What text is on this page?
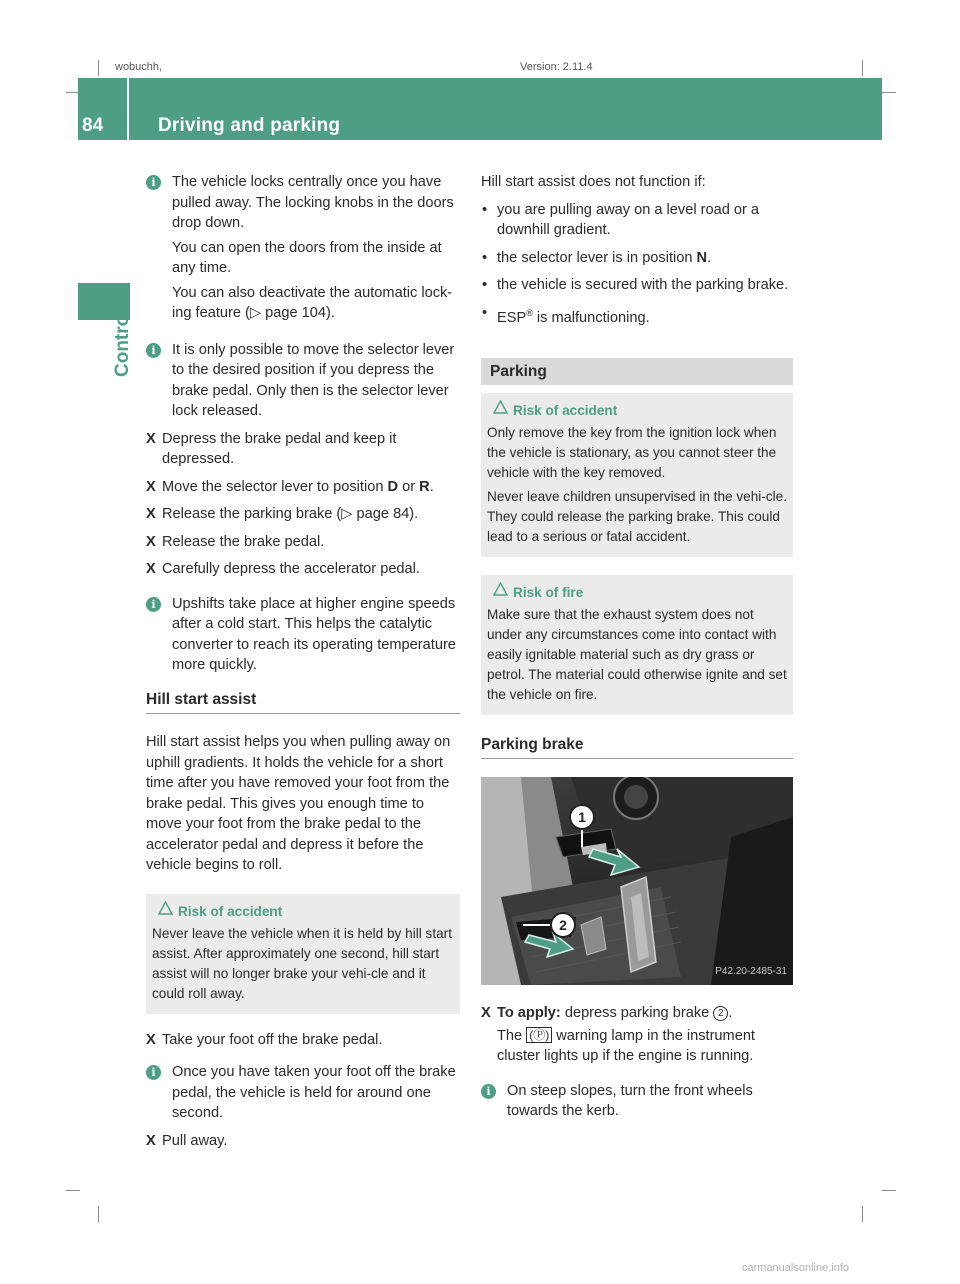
wobuchh,	Version: 2.11.4
84	Driving and parking
Controls
i	The vehicle locks centrally once you have pulled away. The locking knobs in the doors drop down.

You can open the doors from the inside at any time.

You can also deactivate the automatic lock-ing feature (▷ page 104).

i	It is only possible to move the selector lever to the desired position if you depress the brake pedal. Only then is the selector lever lock released.

X Depress the brake pedal and keep it depressed.
X Move the selector lever to position D or R.
X Release the parking brake (▷ page 84).
X Release the brake pedal.
X Carefully depress the accelerator pedal.
i	Upshifts take place at higher engine speeds after a cold start. This helps the catalytic converter to reach its operating temperature more quickly.

Hill start assist

Hill start assist helps you when pulling away on uphill gradients. It holds the vehicle for a short time after you have removed your foot from the brake pedal. This gives you enough time to move your foot from the brake pedal to the accelerator pedal and depress it before the vehicle begins to roll.

Risk of accident

Never leave the vehicle when it is held by hill start assist. After approximately one second, hill start assist will no longer brake your vehi-cle and it could roll away.

X Take your foot off the brake pedal.
i	Once you have taken your foot off the brake pedal, the vehicle is held for around one second.

X Pull away.

Hill start assist does not function if:

• you are pulling away on a level road or a downhill gradient.
• the selector lever is in position N.
• the vehicle is secured with the parking brake.
• ESP® is malfunctioning.
Parking
Risk of accident

Only remove the key from the ignition lock when the vehicle is stationary, as you cannot steer the vehicle with the key removed.

Never leave children unsupervised in the vehi-cle. They could release the parking brake. This could lead to a serious or fatal accident.

Risk of fire

Make sure that the exhaust system does not under any circumstances come into contact with easily ignitable material such as dry grass or petrol. The material could otherwise ignite and set the vehicle on fire.

Parking brake
1
2
P42.20-2485-31
X To apply: depress parking brake 2 .
The (Ⓟ) warning lamp in the instrument cluster lights up if the engine is running.
i	On steep slopes, turn the front wheels towards the kerb.

carmanualsonline.info
